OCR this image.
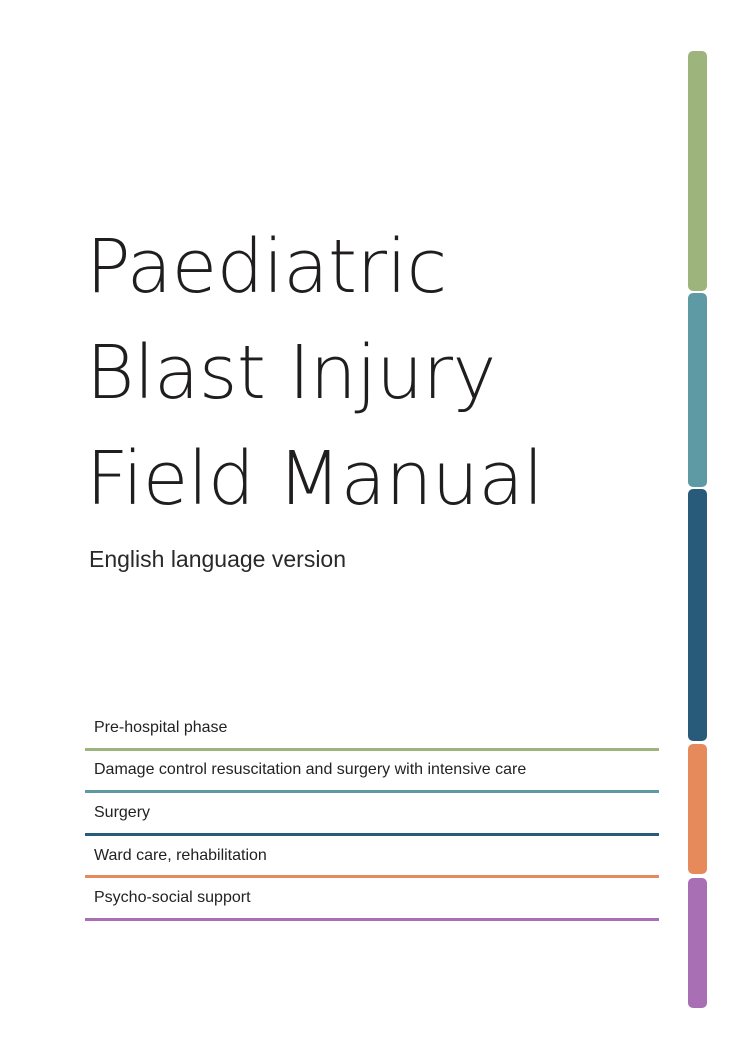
Paediatric
Blast Injury
Field Manual
English language version
Pre-hospital phase
Damage control resuscitation and surgery with intensive care
Surgery
Ward care, rehabilitation
Psycho-social support
